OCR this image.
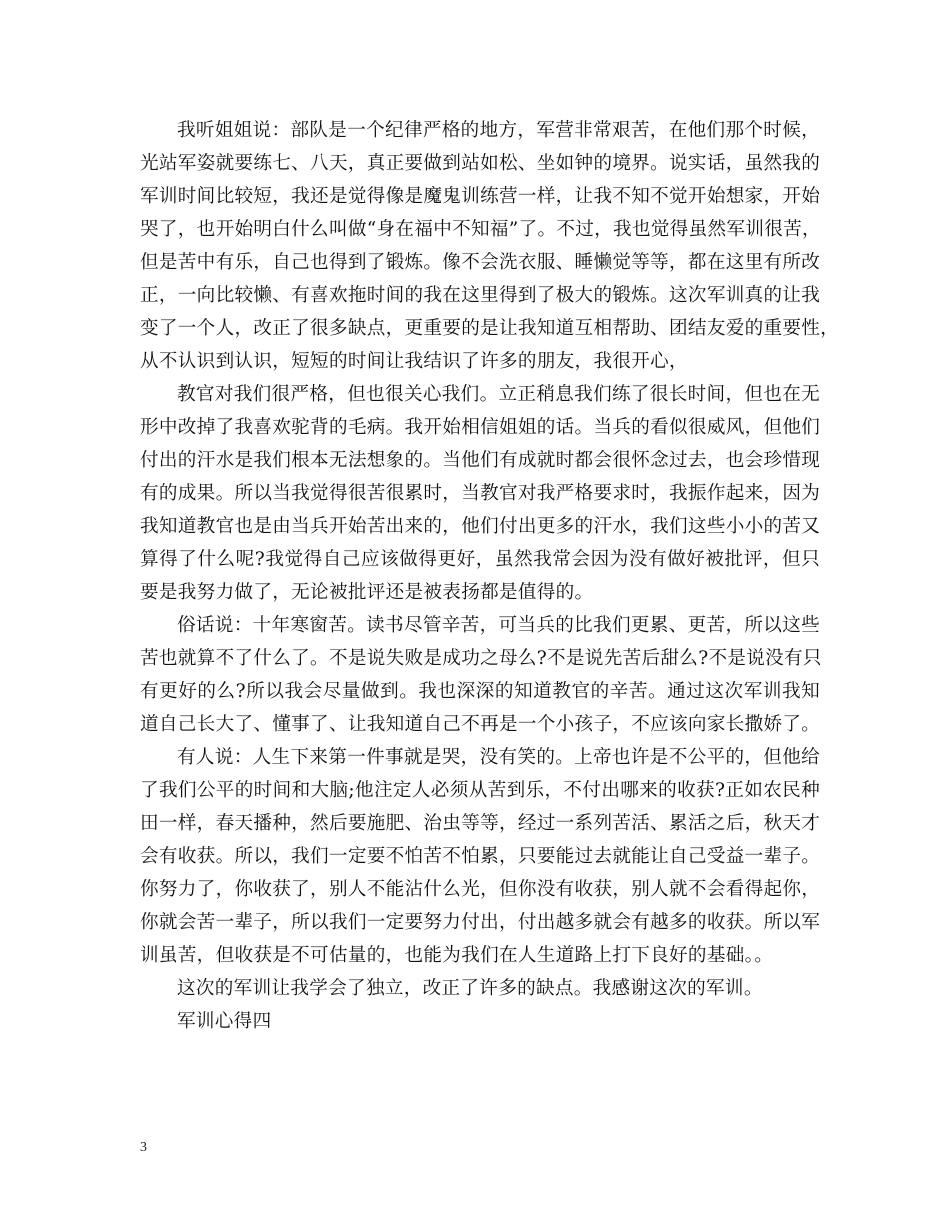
我听姐姐说：部队是一个纪律严格的地方，军营非常艰苦，在他们那个时候，
光站军姿就要练七、八天，真正要做到站如松、坐如钟的境界。说实话，虽然我的
军训时间比较短，我还是觉得像是魔鬼训练营一样，让我不知不觉开始想家，开始
哭了，也开始明白什么叫做“身在福中不知福”了。不过，我也觉得虽然军训很苦，
但是苦中有乐，自己也得到了锻炼。像不会洗衣服、睡懒觉等等，都在这里有所改
正，一向比较懒、有喜欢拖时间的我在这里得到了极大的锻炼。这次军训真的让我
变了一个人，改正了很多缺点，更重要的是让我知道互相帮助、团结友爱的重要性，
从不认识到认识，短短的时间让我结识了许多的朋友，我很开心，
教官对我们很严格，但也很关心我们。立正稍息我们练了很长时间，但也在无
形中改掉了我喜欢驼背的毛病。我开始相信姐姐的话。当兵的看似很威风，但他们
付出的汗水是我们根本无法想象的。当他们有成就时都会很怀念过去，也会珍惜现
有的成果。所以当我觉得很苦很累时，当教官对我严格要求时，我振作起来，因为
我知道教官也是由当兵开始苦出来的，他们付出更多的汗水，我们这些小小的苦又
算得了什么呢?我觉得自己应该做得更好，虽然我常会因为没有做好被批评，但只
要是我努力做了，无论被批评还是被表扬都是值得的。
俗话说：十年寒窗苦。读书尽管辛苦，可当兵的比我们更累、更苦，所以这些
苦也就算不了什么了。不是说失败是成功之母么?不是说先苦后甜么?不是说没有只
有更好的么?所以我会尽量做到。我也深深的知道教官的辛苦。通过这次军训我知
道自己长大了、懂事了、让我知道自己不再是一个小孩子，不应该向家长撒娇了。
有人说：人生下来第一件事就是哭，没有笑的。上帝也许是不公平的，但他给
了我们公平的时间和大脑;他注定人必须从苦到乐，不付出哪来的收获?正如农民种
田一样，春天播种，然后要施肥、治虫等等，经过一系列苦活、累活之后，秋天才
会有收获。所以，我们一定要不怕苦不怕累，只要能过去就能让自己受益一辈子。
你努力了，你收获了，别人不能沾什么光，但你没有收获，别人就不会看得起你，
你就会苦一辈子，所以我们一定要努力付出，付出越多就会有越多的收获。所以军
训虽苦，但收获是不可估量的，也能为我们在人生道路上打下良好的基础。。
这次的军训让我学会了独立，改正了许多的缺点。我感谢这次的军训。
军训心得四
3
